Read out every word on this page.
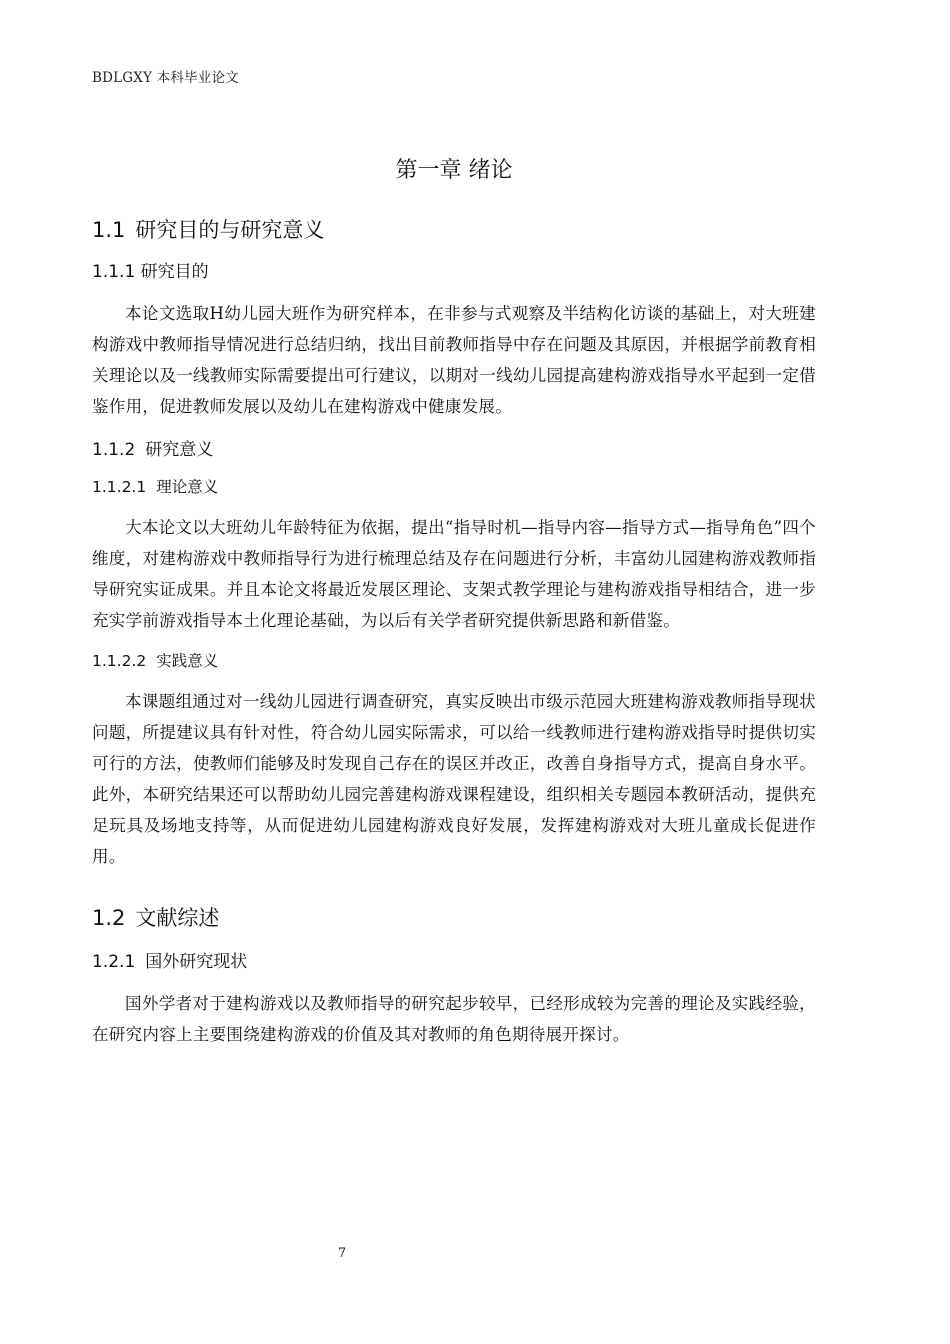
BDLGXY 本科毕业论文
第一章 绪论
1.1 研究目的与研究意义
1.1.1 研究目的

本论文选取H幼儿园大班作为研究样本，在非参与式观察及半结构化访谈的基础上，对大班建构游戏中教师指导情况进行总结归纳，找出目前教师指导中存在问题及其原因，并根据学前教育相关理论以及一线教师实际需要提出可行建议，以期对一线幼儿园提高建构游戏指导水平起到一定借鉴作用，促进教师发展以及幼儿在建构游戏中健康发展。

1.1.2 研究意义
1.1.2.1 理论意义

大本论文以大班幼儿年龄特征为依据，提出“指导时机—指导内容—指导方式—指导角色”四个维度，对建构游戏中教师指导行为进行梳理总结及存在问题进行分析，丰富幼儿园建构游戏教师指导研究实证成果。并且本论文将最近发展区理论、支架式教学理论与建构游戏指导相结合，进一步充实学前游戏指导本土化理论基础，为以后有关学者研究提供新思路和新借鉴。

1.1.2.2 实践意义

本课题组通过对一线幼儿园进行调查研究，真实反映出市级示范园大班建构游戏教师指导现状问题，所提建议具有针对性，符合幼儿园实际需求，可以给一线教师进行建构游戏指导时提供切实可行的方法，使教师们能够及时发现自己存在的误区并改正，改善自身指导方式，提高自身水平。此外，本研究结果还可以帮助幼儿园完善建构游戏课程建设，组织相关专题园本教研活动，提供充足玩具及场地支持等，从而促进幼儿园建构游戏良好发展，发挥建构游戏对大班儿童成长促进作用。

1.2 文献综述
1.2.1 国外研究现状

国外学者对于建构游戏以及教师指导的研究起步较早，已经形成较为完善的理论及实践经验，在研究内容上主要围绕建构游戏的价值及其对教师的角色期待展开探讨。

7
